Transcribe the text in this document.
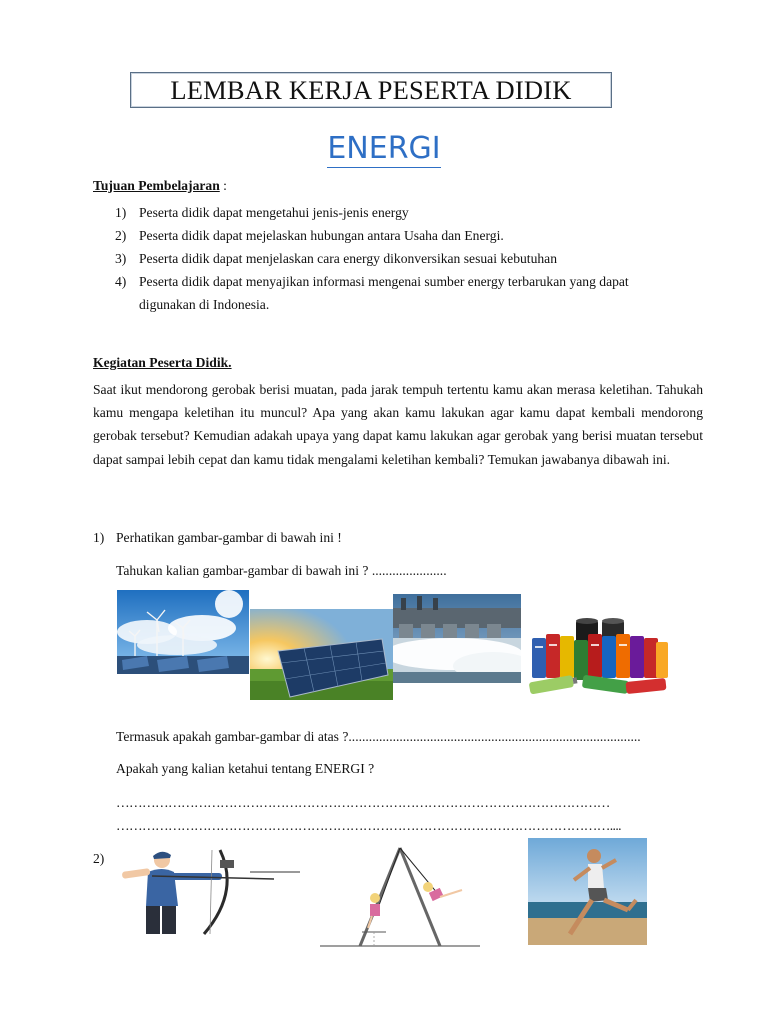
LEMBAR KERJA PESERTA DIDIK
ENERGI
Tujuan Pembelajaran :
1) Peserta didik dapat mengetahui jenis-jenis energy
2) Peserta didik dapat mejelaskan hubungan antara Usaha dan Energi.
3) Peserta didik dapat menjelaskan cara energy dikonversikan sesuai kebutuhan
4) Peserta didik dapat menyajikan informasi mengenai sumber energy terbarukan yang dapat
digunakan di Indonesia.
Kegiatan Peserta Didik.
Saat ikut mendorong gerobak berisi muatan, pada jarak tempuh tertentu kamu akan merasa keletihan. Tahukah kamu mengapa keletihan itu muncul? Apa yang akan kamu lakukan agar kamu dapat kembali mendorong gerobak tersebut? Kemudian adakah upaya yang dapat kamu lakukan agar gerobak yang berisi muatan tersebut dapat sampai lebih cepat dan kamu tidak mengalami keletihan kembali? Temukan jawabanya dibawah ini.
1) Perhatikan gambar-gambar di bawah ini !
Tahukan kalian gambar-gambar di bawah ini ? ......................
Termasuk apakah gambar-gambar di atas ?......................................................................................
Apakah yang kalian ketahui tentang ENERGI ?
……………………………………………………………………………………………………
……………………………………………………………………………………………………....
2)
